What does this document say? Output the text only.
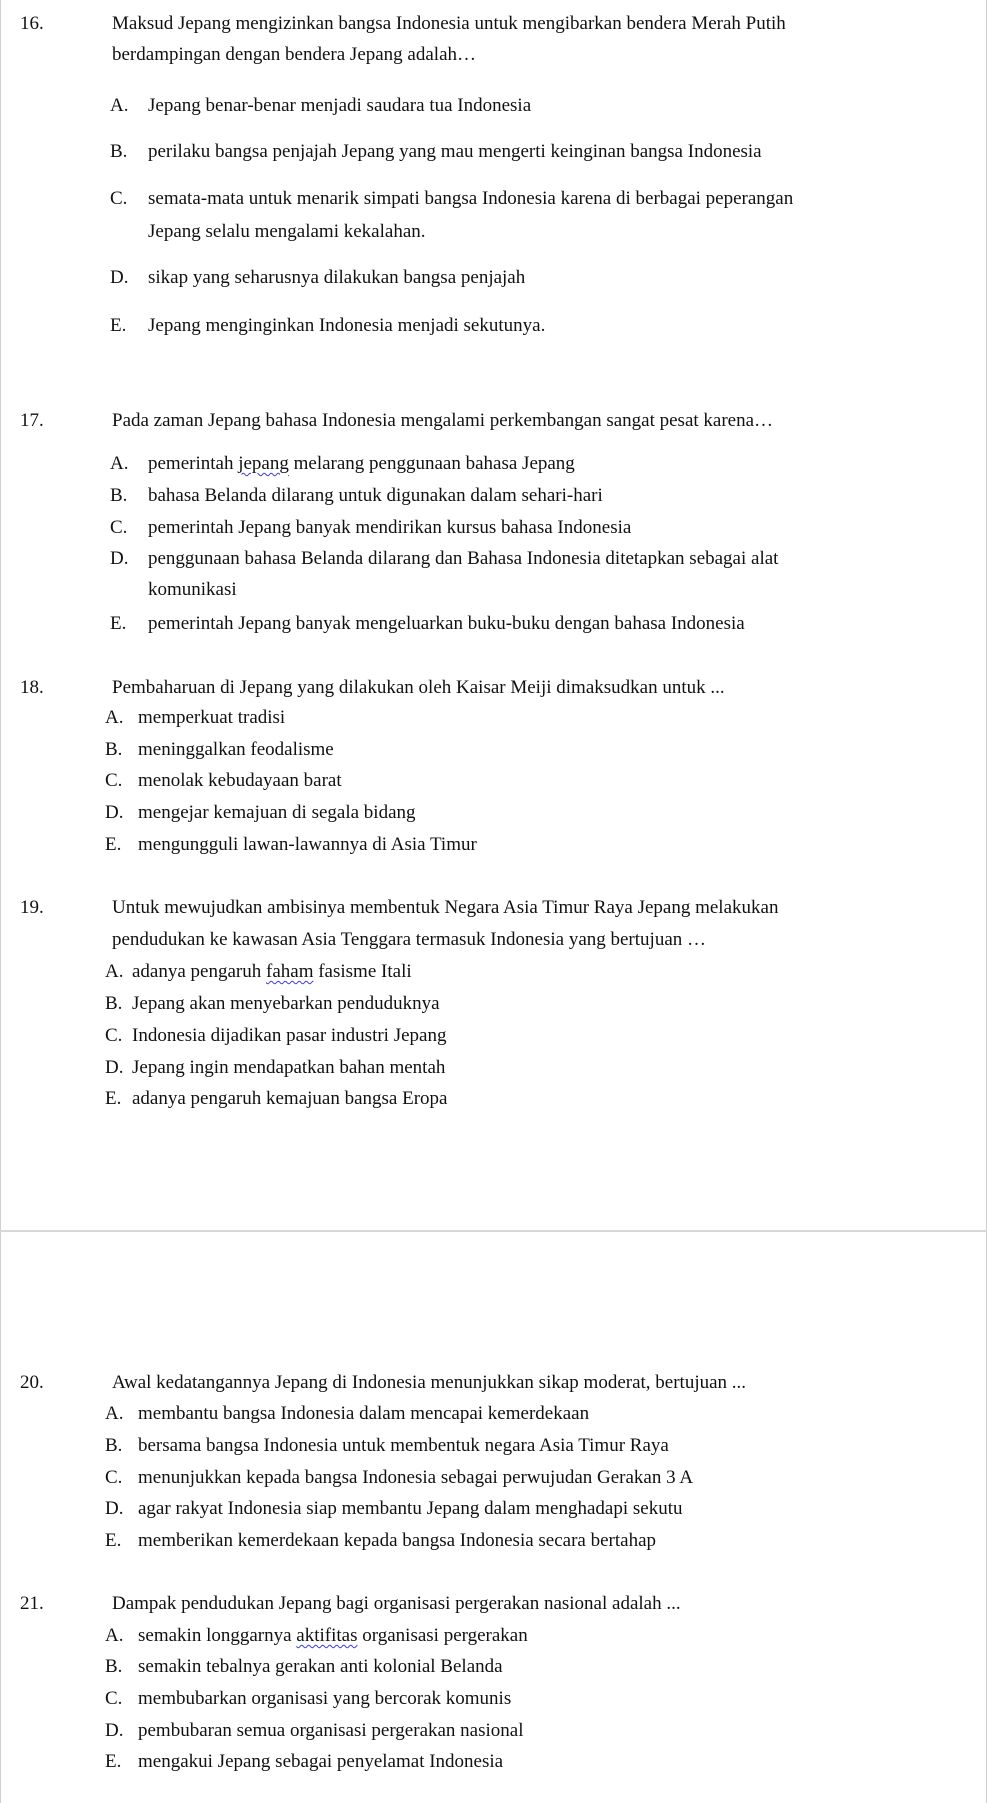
16.	Maksud Jepang mengizinkan bangsa Indonesia untuk mengibarkan bendera Merah Putih
berdampingan dengan bendera Jepang adalah…
A. Jepang benar-benar menjadi saudara tua Indonesia
B. perilaku bangsa penjajah Jepang yang mau mengerti keinginan bangsa Indonesia
C. semata-mata untuk menarik simpati bangsa Indonesia karena di berbagai peperangan
Jepang selalu mengalami kekalahan.
D. sikap yang seharusnya dilakukan bangsa penjajah
E. Jepang menginginkan Indonesia menjadi sekutunya.
17.	Pada zaman Jepang bahasa Indonesia mengalami perkembangan sangat pesat karena…
A. pemerintah jepang melarang penggunaan bahasa Jepang
B. bahasa Belanda dilarang untuk digunakan dalam sehari-hari
C. pemerintah Jepang banyak mendirikan kursus bahasa Indonesia
D. penggunaan bahasa Belanda dilarang dan Bahasa Indonesia ditetapkan sebagai alat
komunikasi
E. pemerintah Jepang banyak mengeluarkan buku-buku dengan bahasa Indonesia
18.	Pembaharuan di Jepang yang dilakukan oleh Kaisar Meiji dimaksudkan untuk ...
A. memperkuat tradisi
B. meninggalkan feodalisme
C. menolak kebudayaan barat
D. mengejar kemajuan di segala bidang
E. mengungguli lawan-lawannya di Asia Timur
19.	Untuk mewujudkan ambisinya membentuk Negara Asia Timur Raya Jepang melakukan
pendudukan ke kawasan Asia Tenggara termasuk Indonesia yang bertujuan …
A. adanya pengaruh faham fasisme Itali
B. Jepang akan menyebarkan penduduknya
C. Indonesia dijadikan pasar industri Jepang
D. Jepang ingin mendapatkan bahan mentah
E. adanya pengaruh kemajuan bangsa Eropa
20.	Awal kedatangannya Jepang di Indonesia menunjukkan sikap moderat, bertujuan ...
A. membantu bangsa Indonesia dalam mencapai kemerdekaan
B. bersama bangsa Indonesia untuk membentuk negara Asia Timur Raya
C. menunjukkan kepada bangsa Indonesia sebagai perwujudan Gerakan 3 A
D. agar rakyat Indonesia siap membantu Jepang dalam menghadapi sekutu
E. memberikan kemerdekaan kepada bangsa Indonesia secara bertahap
21.	Dampak pendudukan Jepang bagi organisasi pergerakan nasional adalah ...
A. semakin longgarnya aktifitas organisasi pergerakan
B. semakin tebalnya gerakan anti kolonial Belanda
C. membubarkan organisasi yang bercorak komunis
D. pembubaran semua organisasi pergerakan nasional
E. mengakui Jepang sebagai penyelamat Indonesia
